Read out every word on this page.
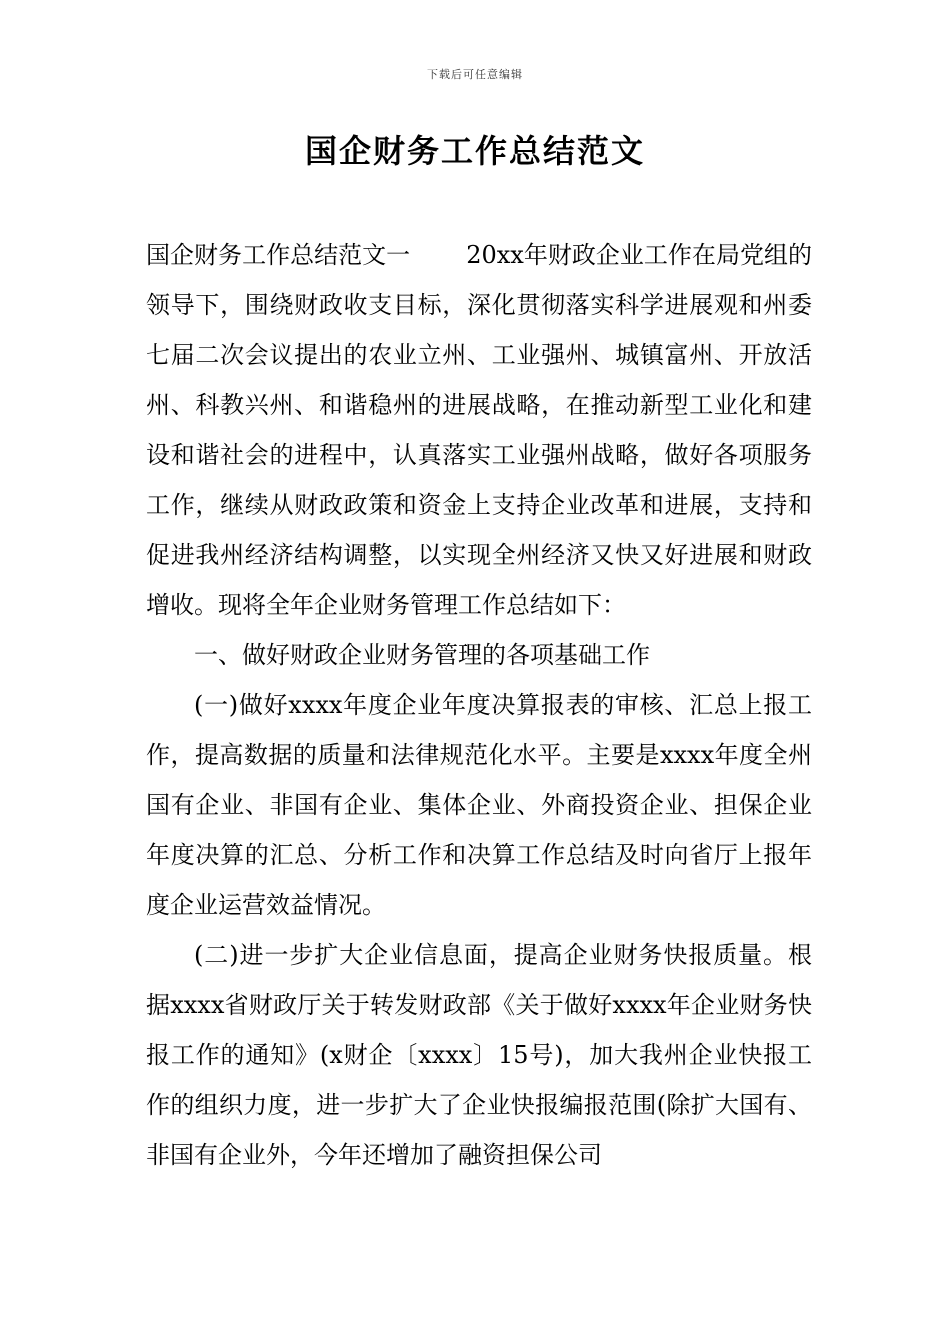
下载后可任意编辑
国企财务工作总结范文

国企财务工作总结范文一 20xx年财政企业工作在局党组的领导下，围绕财政收支目标，深化贯彻落实科学进展观和州委七届二次会议提出的农业立州、工业强州、城镇富州、开放活州、科教兴州、和谐稳州的进展战略，在推动新型工业化和建设和谐社会的进程中，认真落实工业强州战略，做好各项服务工作，继续从财政政策和资金上支持企业改革和进展，支持和促进我州经济结构调整，以实现全州经济又快又好进展和财政增收。现将全年企业财务管理工作总结如下：

一、做好财政企业财务管理的各项基础工作

(一)做好xxxx年度企业年度决算报表的审核、汇总上报工作，提高数据的质量和法律规范化水平。主要是xxxx年度全州国有企业、非国有企业、集体企业、外商投资企业、担保企业年度决算的汇总、分析工作和决算工作总结及时向省厅上报年度企业运营效益情况。

(二)进一步扩大企业信息面，提高企业财务快报质量。根据xxxx省财政厅关于转发财政部《关于做好xxxx年企业财务快报工作的通知》(x财企〔xxxx〕15号)，加大我州企业快报工作的组织力度，进一步扩大了企业快报编报范围(除扩大国有、非国有企业外，今年还增加了融资担保公司
